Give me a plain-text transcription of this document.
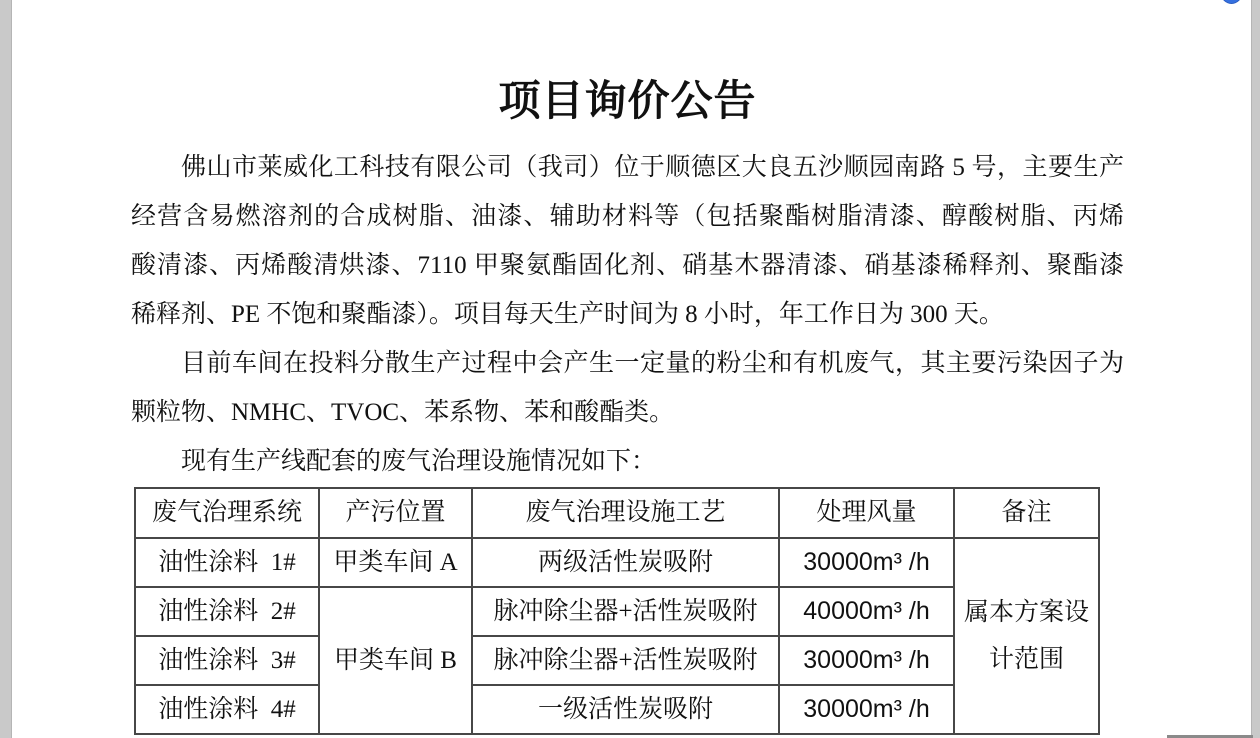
项目询价公告
佛山市莱威化工科技有限公司（我司）位于顺德区大良五沙顺园南路 5 号，主要生产
经营含易燃溶剂的合成树脂、油漆、辅助材料等（包括聚酯树脂清漆、醇酸树脂、丙烯
酸清漆、丙烯酸清烘漆、7110 甲聚氨酯固化剂、硝基木器清漆、硝基漆稀释剂、聚酯漆
稀释剂、PE 不饱和聚酯漆）。项目每天生产时间为 8 小时，年工作日为 300 天。
目前车间在投料分散生产过程中会产生一定量的粉尘和有机废气，其主要污染因子为
颗粒物、NMHC、TVOC、苯系物、苯和酸酯类。
现有生产线配套的废气治理设施情况如下：
废气治理系统	产污位置	废气治理设施工艺	处理风量	备注
油性涂料  1#	甲类车间 A	两级活性炭吸附	30000m³ /h	属本方案设计范围
油性涂料  2#	甲类车间 B	脉冲除尘器+活性炭吸附	40000m³ /h	
油性涂料  3#		脉冲除尘器+活性炭吸附	30000m³ /h	
油性涂料  4#		一级活性炭吸附	30000m³ /h	
